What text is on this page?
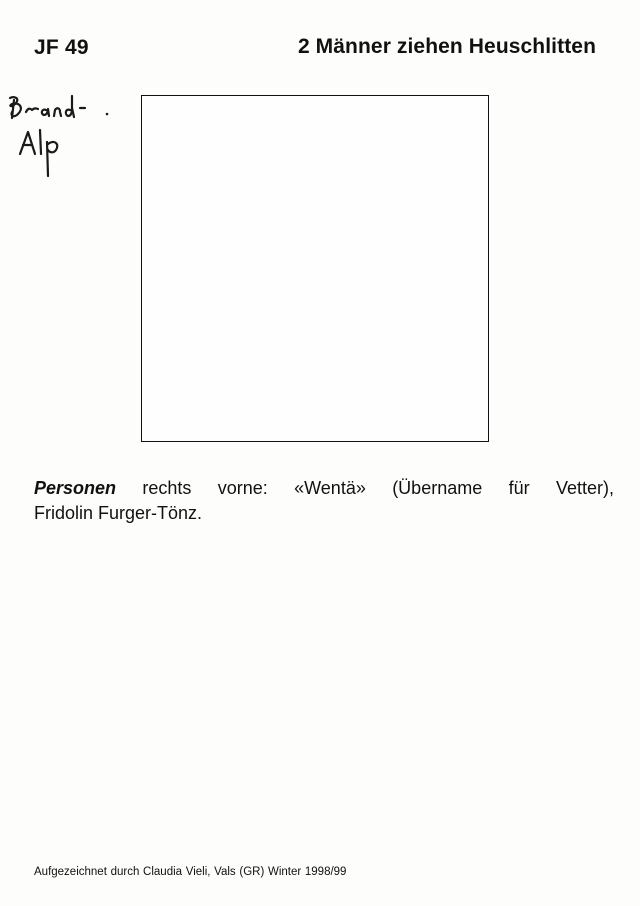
JF 49	2 Männer ziehen Heuschlitten
Personen rechts vorne: «Wentä» (Übername für Vetter),
Fridolin Furger-Tönz.
Aufgezeichnet durch Claudia Vieli, Vals (GR) Winter 1998/99
